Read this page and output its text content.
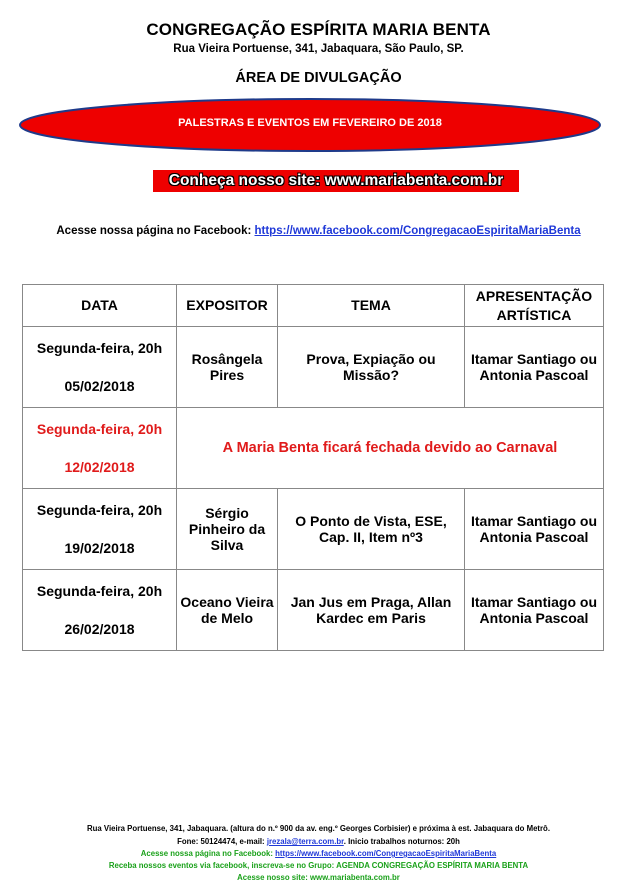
CONGREGAÇÃO ESPÍRITA MARIA BENTA
Rua Vieira Portuense, 341, Jabaquara, São Paulo, SP.
ÁREA DE DIVULGAÇÃO
PALESTRAS E EVENTOS EM FEVEREIRO DE 2018
Conheça nosso site: www.mariabenta.com.br
Acesse nossa página no Facebook: https://www.facebook.com/CongregacaoEspiritaMariaBenta
DATA	EXPOSITOR	TEMA	APRESENTAÇÃO ARTÍSTICA
Segunda-feira, 20h

05/02/2018	Rosângela Pires	Prova, Expiação ou Missão?	Itamar Santiago ou Antonia Pascoal
Segunda-feira, 20h

12/02/2018	A Maria Benta ficará fechada devido ao Carnaval		
Segunda-feira, 20h

19/02/2018	Sérgio Pinheiro da Silva	O Ponto de Vista, ESE, Cap. II, Item nº3	Itamar Santiago ou Antonia Pascoal
Segunda-feira, 20h

26/02/2018	Oceano Vieira de Melo	Jan Jus em Praga, Allan Kardec em Paris	Itamar Santiago ou Antonia Pascoal
Rua Vieira Portuense, 341, Jabaquara. (altura do n.º 900 da av. eng.º Georges Corbisier) e próxima à est. Jabaquara do Metrô.
Fone: 50124474, e-mail: jrezala@terra.com.br. Inicio trabalhos noturnos: 20h
Acesse nossa página no Facebook: https://www.facebook.com/CongregacaoEspiritaMariaBenta
Receba nossos eventos via facebook, inscreva-se no Grupo: AGENDA CONGREGAÇÃO ESPÍRITA MARIA BENTA
Acesse nosso site: www.mariabenta.com.br
